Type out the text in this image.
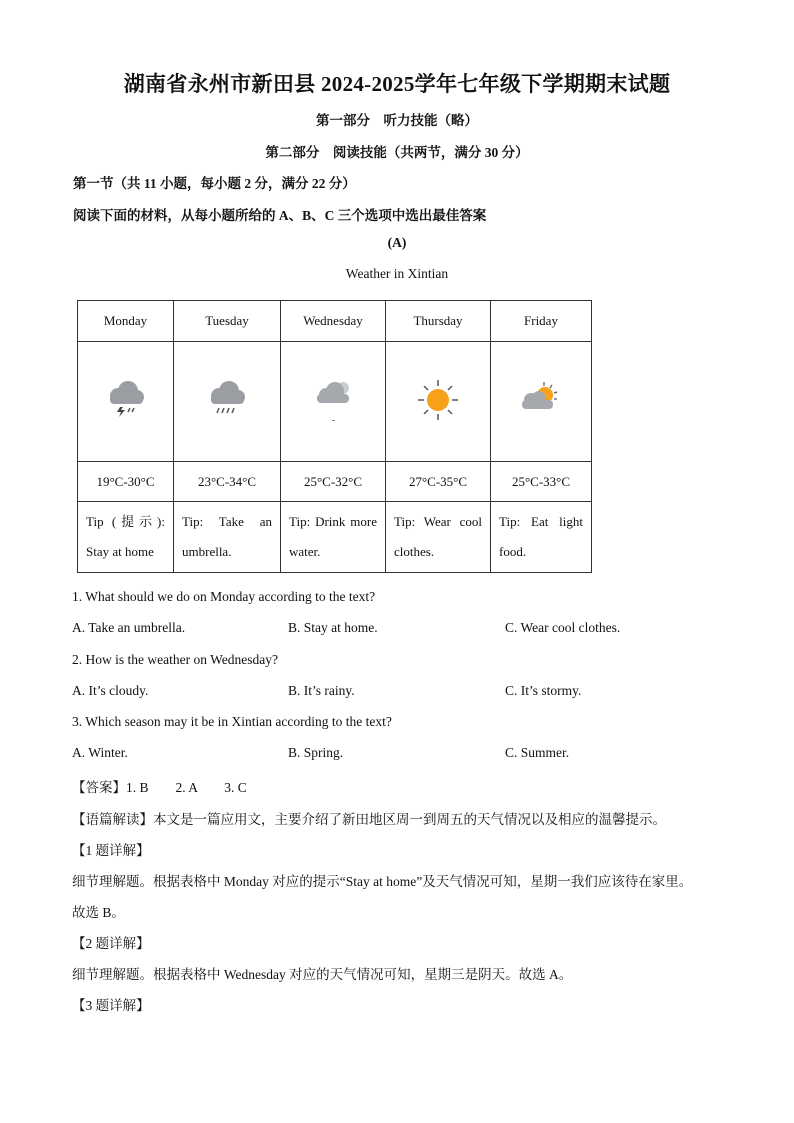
湖南省永州市新田县 2024-2025学年七年级下学期期末试题
第一部分　听力技能（略）
第二部分　阅读技能（共两节，满分 30 分）
第一节（共 11 小题，每小题 2 分，满分 22 分）
阅读下面的材料，从每小题所给的 A、B、C 三个选项中选出最佳答案
(A)
Weather in Xintian
Monday	Tuesday	Wednesday	Thursday	Friday

19°C-30°C	23°C-34°C	25°C-32°C	27°C-35°C	25°C-33°C

Tip (提示): Stay at home	Tip: Take an umbrella.	Tip: Drink more water.	Tip: Wear cool clothes.	Tip: Eat light food.
1. What should we do on Monday according to the text?
A. Take an umbrella.	B. Stay at home.	C. Wear cool clothes.
2. How is the weather on Wednesday?
A. It’s cloudy.	B. It’s rainy.	C. It’s stormy.
3. Which season may it be in Xintian according to the text?
A. Winter.	B. Spring.	C. Summer.
【答案】1. B　　2. A　　3. C
【语篇解读】本文是一篇应用文，主要介绍了新田地区周一到周五的天气情况以及相应的温馨提示。
【1 题详解】
细节理解题。根据表格中 Monday 对应的提示“Stay at home”及天气情况可知，星期一我们应该待在家里。
故选 B。
【2 题详解】
细节理解题。根据表格中 Wednesday 对应的天气情况可知，星期三是阴天。故选 A。
【3 题详解】
